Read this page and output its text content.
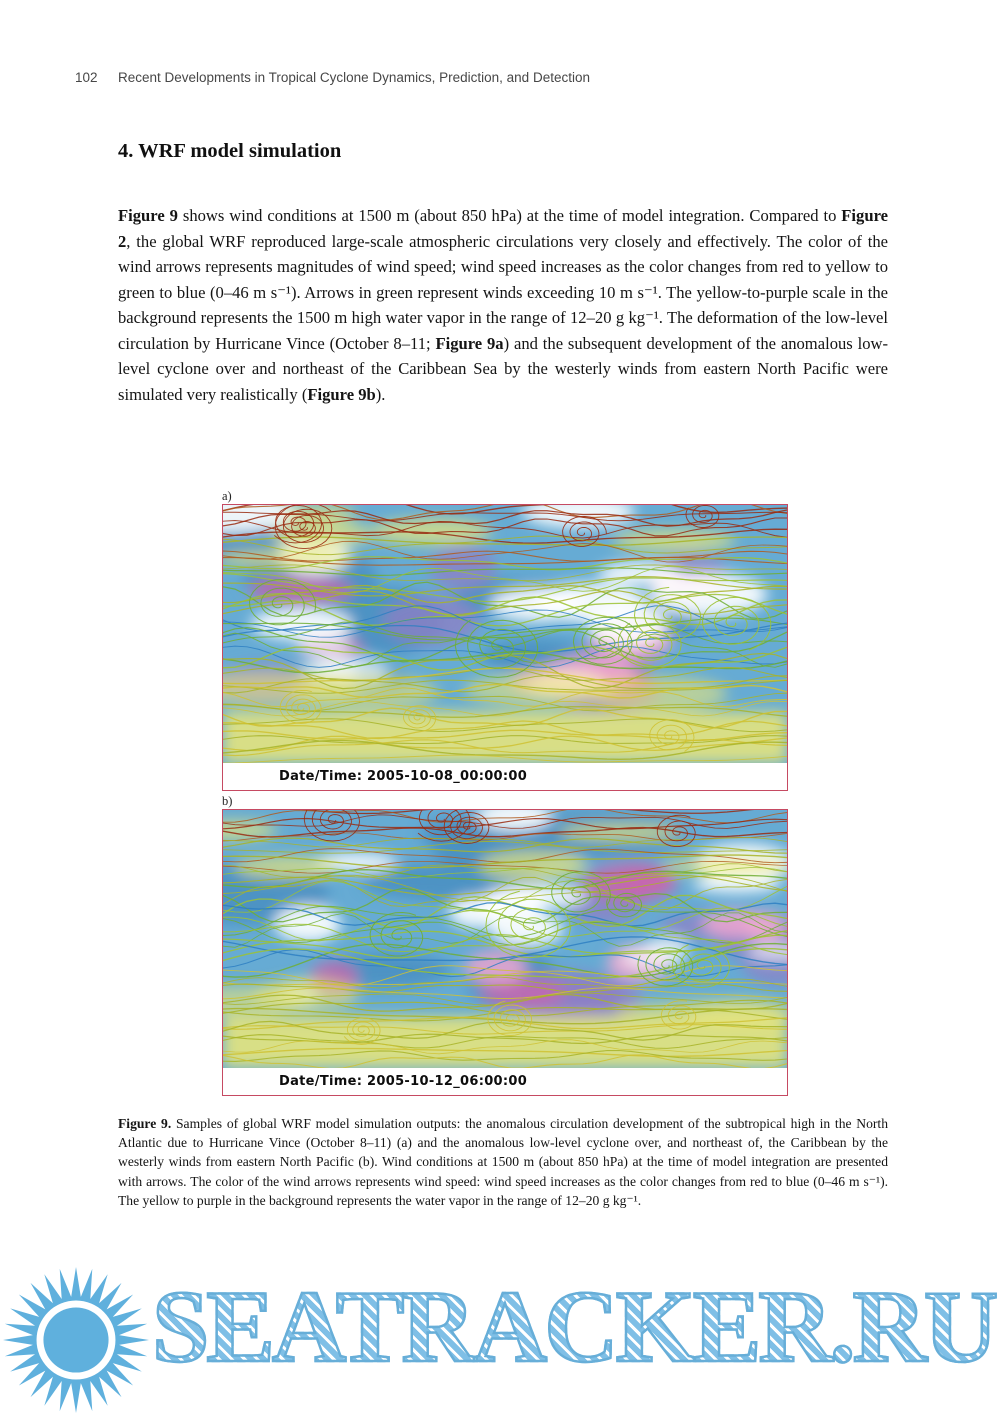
102 Recent Developments in Tropical Cyclone Dynamics, Prediction, and Detection
4. WRF model simulation

Figure 9 shows wind conditions at 1500 m (about 850 hPa) at the time of model integration. Compared to Figure 2, the global WRF reproduced large-scale atmospheric circulations very closely and effectively. The color of the wind arrows represents magnitudes of wind speed; wind speed increases as the color changes from red to yellow to green to blue (0–46 m s⁻¹). Arrows in green represent winds exceeding 10 m s⁻¹. The yellow-to-purple scale in the background represents the 1500 m high water vapor in the range of 12–20 g kg⁻¹. The deformation of the low-level circulation by Hurricane Vince (October 8–11; Figure 9a) and the subsequent development of the anomalous low-level cyclone over and northeast of the Caribbean Sea by the westerly winds from eastern North Pacific were simulated very realistically (Figure 9b).

a)
Date/Time: 2005-10-08_00:00:00
b)
Date/Time: 2005-10-12_06:00:00

Figure 9. Samples of global WRF model simulation outputs: the anomalous circulation development of the subtropical high in the North Atlantic due to Hurricane Vince (October 8–11) (a) and the anomalous low-level cyclone over, and northeast of, the Caribbean by the westerly winds from eastern North Pacific (b). Wind conditions at 1500 m (about 850 hPa) at the time of model integration are presented with arrows. The color of the wind arrows represents wind speed: wind speed increases as the color changes from red to blue (0–46 m s⁻¹). The yellow to purple in the background represents the water vapor in the range of 12–20 g kg⁻¹.

SEATRACKER.RU
